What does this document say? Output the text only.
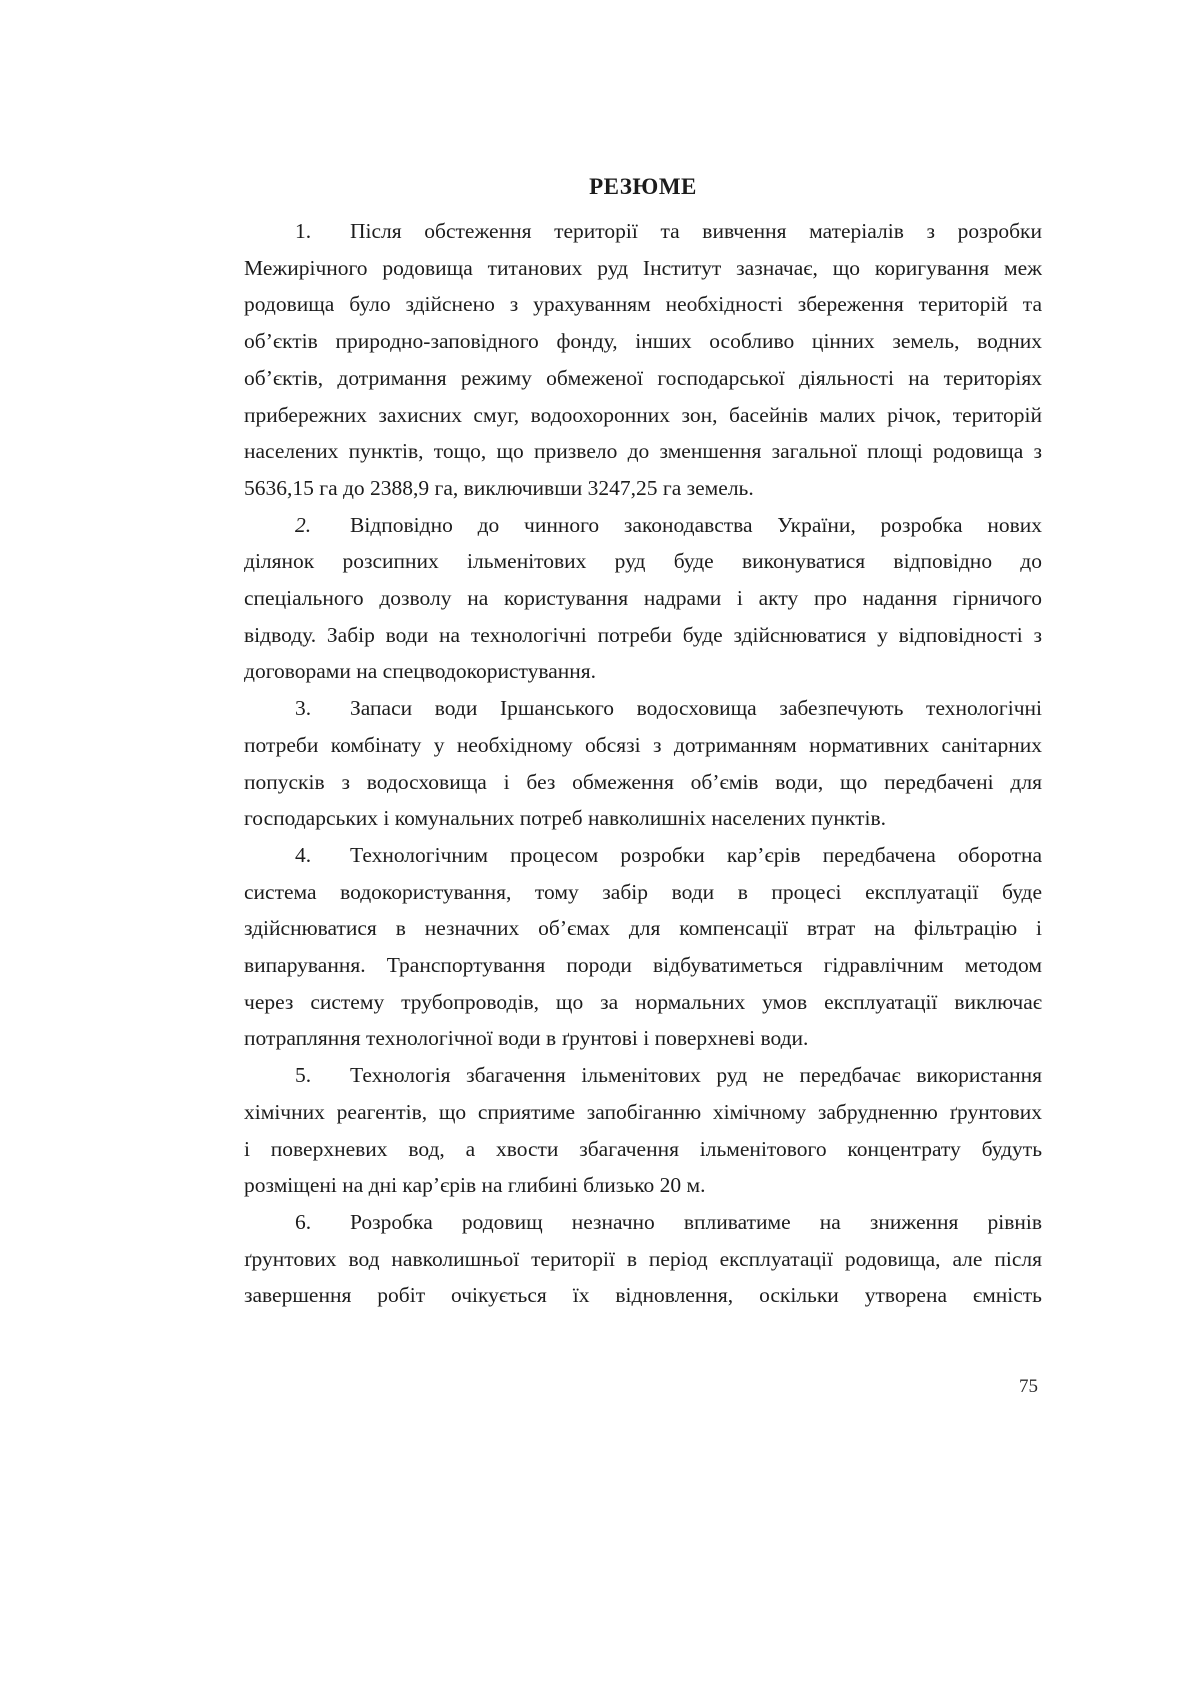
РЕЗЮМЕ
1. Після обстеження території та вивчення матеріалів з розробки
Межирічного родовища титанових руд Інститут зазначає, що коригування меж
родовища було здійснено з урахуванням необхідності збереження територій та
об’єктів природно-заповідного фонду, інших особливо цінних земель, водних
об’єктів, дотримання режиму обмеженої господарської діяльності на територіях
прибережних захисних смуг, водоохоронних зон, басейнів малих річок, територій
населених пунктів, тощо, що призвело до зменшення загальної площі родовища з
5636,15 га до 2388,9 га, виключивши 3247,25 га земель.
2. Відповідно до чинного законодавства України, розробка нових
ділянок розсипних ільменітових руд буде виконуватися відповідно до
спеціального дозволу на користування надрами і акту про надання гірничого
відводу. Забір води на технологічні потреби буде здійснюватися у відповідності з
договорами на спецводокористування.
3. Запаси води Іршанського водосховища забезпечують технологічні
потреби комбінату у необхідному обсязі з дотриманням нормативних санітарних
попусків з водосховища і без обмеження об’ємів води, що передбачені для
господарських і комунальних потреб навколишніх населених пунктів.
4. Технологічним процесом розробки кар’єрів передбачена оборотна
система водокористування, тому забір води в процесі експлуатації буде
здійснюватися в незначних об’ємах для компенсації втрат на фільтрацію і
випарування. Транспортування породи відбуватиметься гідравлічним методом
через систему трубопроводів, що за нормальних умов експлуатації виключає
потрапляння технологічної води в ґрунтові і поверхневі води.
5. Технологія збагачення ільменітових руд не передбачає використання
хімічних реагентів, що сприятиме запобіганню хімічному забрудненню ґрунтових
і поверхневих вод, а хвости збагачення ільменітового концентрату будуть
розміщені на дні кар’єрів на глибині близько 20 м.
6. Розробка родовищ незначно впливатиме на зниження рівнів
ґрунтових вод навколишньої території в період експлуатації родовища, але після
завершення робіт очікується їх відновлення, оскільки утворена ємність
75
